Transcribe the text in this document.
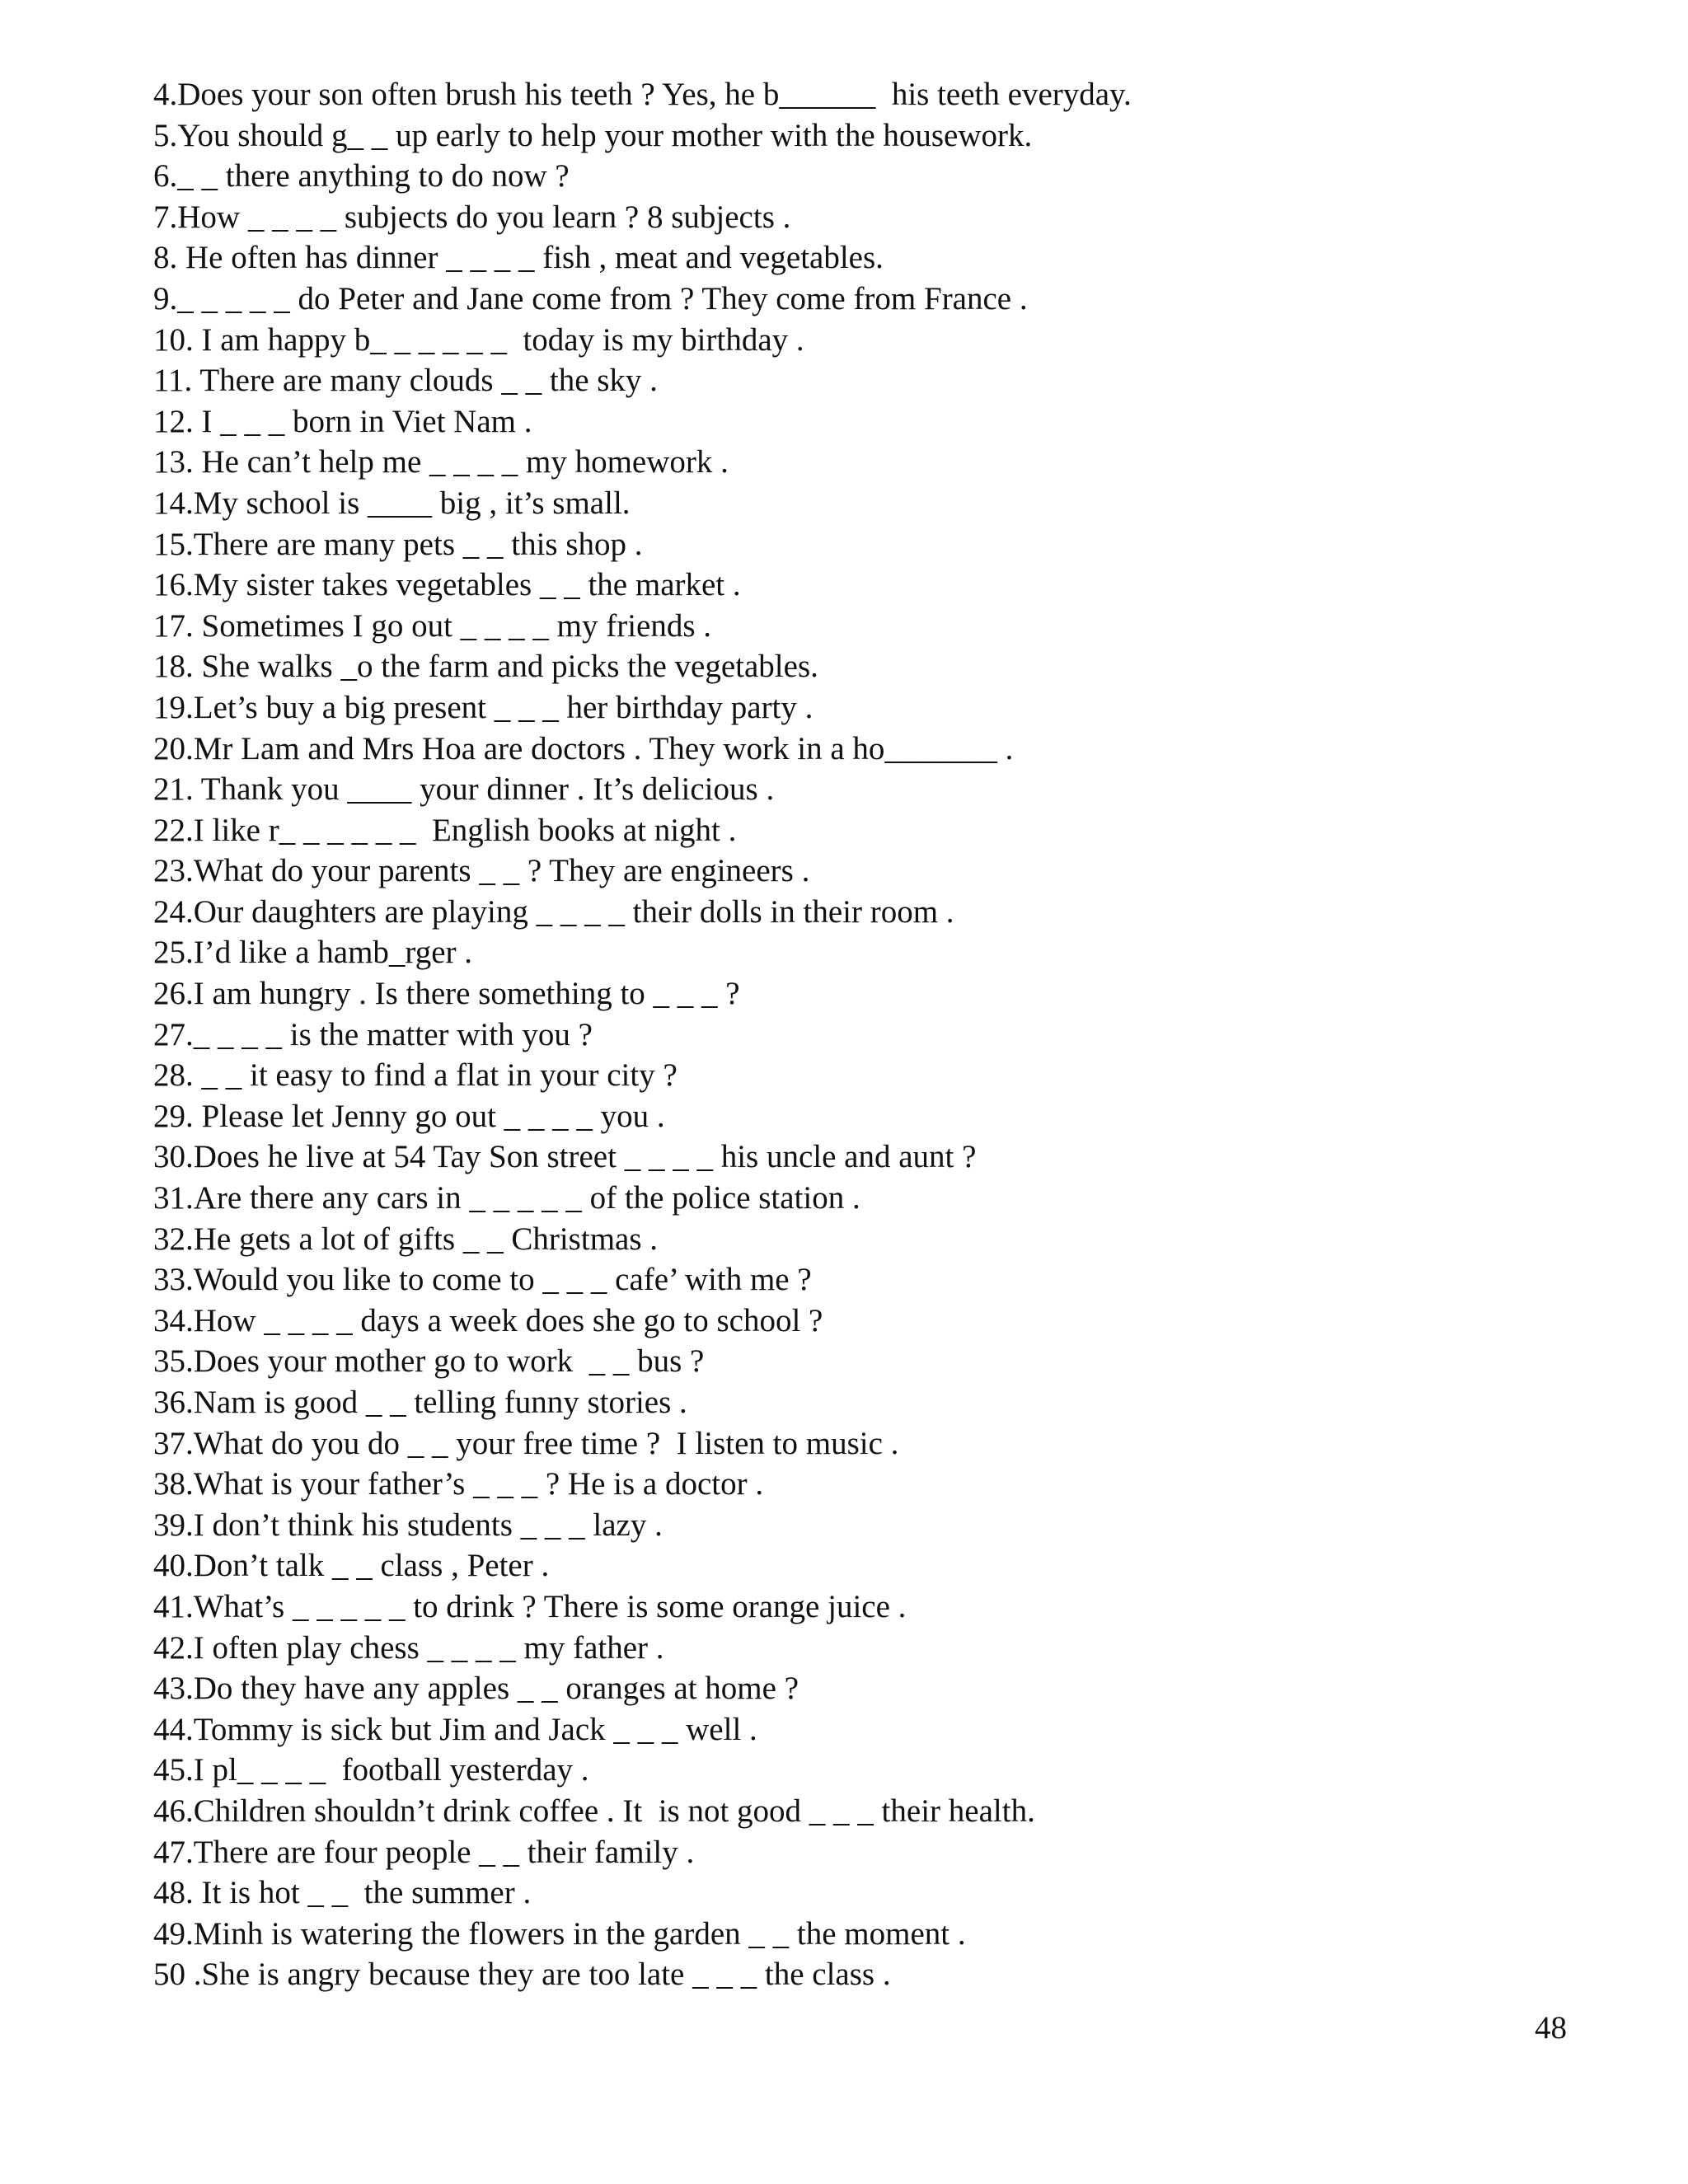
4.Does your son often brush his teeth ? Yes, he b______  his teeth everyday.
5.You should g_ _ up early to help your mother with the housework.
6._ _ there anything to do now ?
7.How _ _ _ _ subjects do you learn ? 8 subjects .
8. He often has dinner _ _ _ _ fish , meat and vegetables.
9._ _ _ _ _ do Peter and Jane come from ? They come from France .
10. I am happy b_ _ _ _ _ _  today is my birthday .
11. There are many clouds _ _ the sky .
12. I _ _ _ born in Viet Nam .
13. He can’t help me _ _ _ _ my homework .
14.My school is ____ big , it’s small.
15.There are many pets _ _ this shop .
16.My sister takes vegetables _ _ the market .
17. Sometimes I go out _ _ _ _ my friends .
18. She walks _o the farm and picks the vegetables.
19.Let’s buy a big present _ _ _ her birthday party .
20.Mr Lam and Mrs Hoa are doctors . They work in a ho_______ .
21. Thank you ____ your dinner . It’s delicious .
22.I like r_ _ _ _ _ _  English books at night .
23.What do your parents _ _ ? They are engineers .
24.Our daughters are playing _ _ _ _ their dolls in their room .
25.I’d like a hamb_rger .
26.I am hungry . Is there something to _ _ _ ?
27._ _ _ _ is the matter with you ?
28. _ _ it easy to find a flat in your city ?
29. Please let Jenny go out _ _ _ _ you .
30.Does he live at 54 Tay Son street _ _ _ _ his uncle and aunt ?
31.Are there any cars in _ _ _ _ _ of the police station .
32.He gets a lot of gifts _ _ Christmas .
33.Would you like to come to _ _ _ cafe’ with me ?
34.How _ _ _ _ days a week does she go to school ?
35.Does your mother go to work  _ _ bus ?
36.Nam is good _ _ telling funny stories .
37.What do you do _ _ your free time ?  I listen to music .
38.What is your father’s _ _ _ ? He is a doctor .
39.I don’t think his students _ _ _ lazy .
40.Don’t talk _ _ class , Peter .
41.What’s _ _ _ _ _ to drink ? There is some orange juice .
42.I often play chess _ _ _ _ my father .
43.Do they have any apples _ _ oranges at home ?
44.Tommy is sick but Jim and Jack _ _ _ well .
45.I pl_ _ _ _  football yesterday .
46.Children shouldn’t drink coffee . It  is not good _ _ _ their health.
47.There are four people _ _ their family .
48. It is hot _ _  the summer .
49.Minh is watering the flowers in the garden _ _ the moment .
50 .She is angry because they are too late _ _ _ the class .
48
